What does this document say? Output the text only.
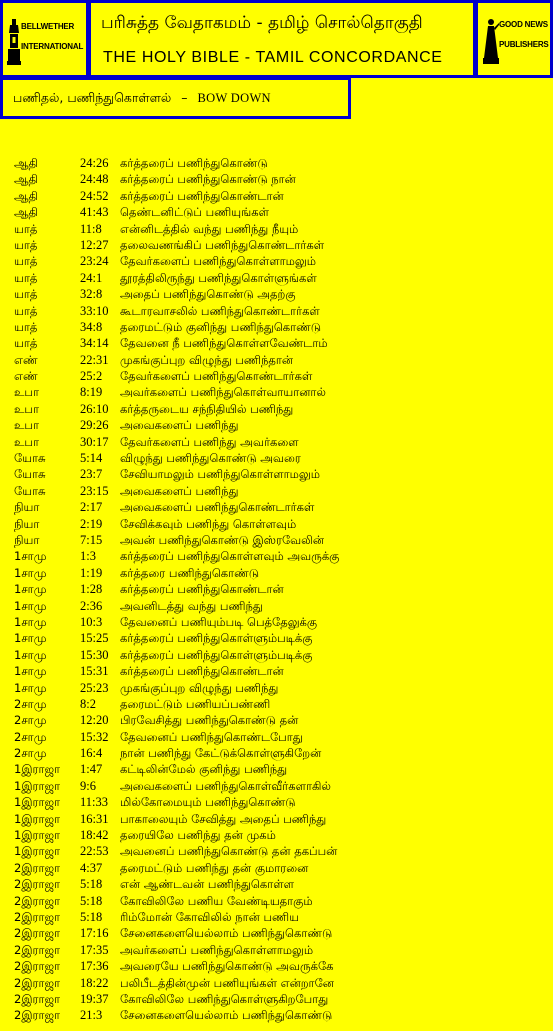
BELLWETHER
INTERNATIONAL
பரிசுத்த வேதாகமம் - தமிழ் சொல்தொகுதி
THE HOLY BIBLE - TAMIL CONCORDANCE
GOOD NEWS
PUBLISHERS
பணிதல், பணிந்துகொள்ளல் – BOW DOWN
ஆதி	24:26 கர்த்தரைப் பணிந்துகொண்டு
ஆதி	24:48 கர்த்தரைப் பணிந்துகொண்டு நான்
ஆதி	24:52 கர்த்தரைப் பணிந்துகொண்டான்
ஆதி	41:43 தெண்டனிட்டுப் பணியுங்கள்
யாத்	11:8 என்னிடத்தில் வந்து பணிந்து நீயும்
யாத்	12:27 தலைவணங்கிப் பணிந்துகொண்டார்கள்
யாத்	23:24 தேவர்களைப் பணிந்துகொள்ளாமலும்
யாத்	24:1 தூரத்திலிருந்து பணிந்துகொள்ளுங்கள்
யாத்	32:8 அதைப் பணிந்துகொண்டு அதற்கு
யாத்	33:10 கூடாரவாசலில் பணிந்துகொண்டார்கள்
யாத்	34:8 தரைமட்டும் குனிந்து பணிந்துகொண்டு
யாத்	34:14 தேவனை நீ பணிந்துகொள்ளவேண்டாம்
எண்	22:31 முகங்குப்புற விழுந்து பணிந்தான்
எண்	25:2 தேவர்களைப் பணிந்துகொண்டார்கள்
உபா	8:19 அவர்களைப் பணிந்துகொள்வாயானால்
உபா	26:10 கர்த்தருடைய சந்நிதியில் பணிந்து
உபா	29:26 அவைகளைப் பணிந்து
உபா	30:17 தேவர்களைப் பணிந்து அவர்களை
யோசு	5:14 விழுந்து பணிந்துகொண்டு அவரை
யோசு	23:7 சேவியாமலும் பணிந்துகொள்ளாமலும்
யோசு	23:15 அவைகளைப் பணிந்து
நியா	2:17 அவைகளைப் பணிந்துகொண்டார்கள்
நியா	2:19 சேவிக்கவும் பணிந்து கொள்ளவும்
நியா	7:15 அவன் பணிந்துகொண்டு இஸ்ரவேலின்
1சாமு	1:3 கர்த்தரைப் பணிந்துகொள்ளவும் அவருக்கு
1சாமு	1:19 கர்த்தரை பணிந்துகொண்டு
1சாமு	1:28 கர்த்தரைப் பணிந்துகொண்டான்
1சாமு	2:36 அவனிடத்து வந்து பணிந்து
1சாமு	10:3 தேவனைப் பணியும்படி பெத்தேலுக்கு
1சாமு	15:25 கர்த்தரைப் பணிந்துகொள்ளும்படிக்கு
1சாமு	15:30 கர்த்தரைப் பணிந்துகொள்ளும்படிக்கு
1சாமு	15:31 கர்த்தரைப் பணிந்துகொண்டான்
1சாமு	25:23 முகங்குப்புற விழுந்து பணிந்து
2சாமு	8:2 தரைமட்டும் பணியப்பண்ணி
2சாமு	12:20 பிரவேசித்து பணிந்துகொண்டு தன்
2சாமு	15:32 தேவனைப் பணிந்துகொண்டபோது
2சாமு	16:4 நான் பணிந்து கேட்டுக்கொள்ளுகிறேன்
1இராஜா 1:47 கட்டிலின்மேல் குனிந்து பணிந்து
1இராஜா 9:6 அவைகளைப் பணிந்துகொள்வீர்களாகில்
1இராஜா 11:33 மில்கோமையும் பணிந்துகொண்டு
1இராஜா 16:31 பாகாலையும் சேவித்து அதைப் பணிந்து
1இராஜா 18:42 தரையிலே பணிந்து தன் முகம்
1இராஜா 22:53 அவனைப் பணிந்துகொண்டு தன் தகப்பன்
2இராஜா 4:37 தரைமட்டும் பணிந்து தன் குமாரனை
2இராஜா 5:18 என் ஆண்டவன் பணிந்துகொள்ள
2இராஜா 5:18 கோவிலிலே பணிய வேண்டியதாகும்
2இராஜா 5:18 ரிம்மோன் கோவிலில் நான் பணிய
2இராஜா 17:16 சேனைகளையெல்லாம் பணிந்துகொண்டு
2இராஜா 17:35 அவர்களைப் பணிந்துகொள்ளாமலும்
2இராஜா 17:36 அவரையே பணிந்துகொண்டு அவருக்கே
2இராஜா 18:22 பலிபீடத்தின்முன் பணியுங்கள் என்றானே
2இராஜா 19:37 கோவிலிலே பணிந்துகொள்ளுகிறபோது
2இராஜா 21:3 சேனைகளையெல்லாம் பணிந்துகொண்டு
